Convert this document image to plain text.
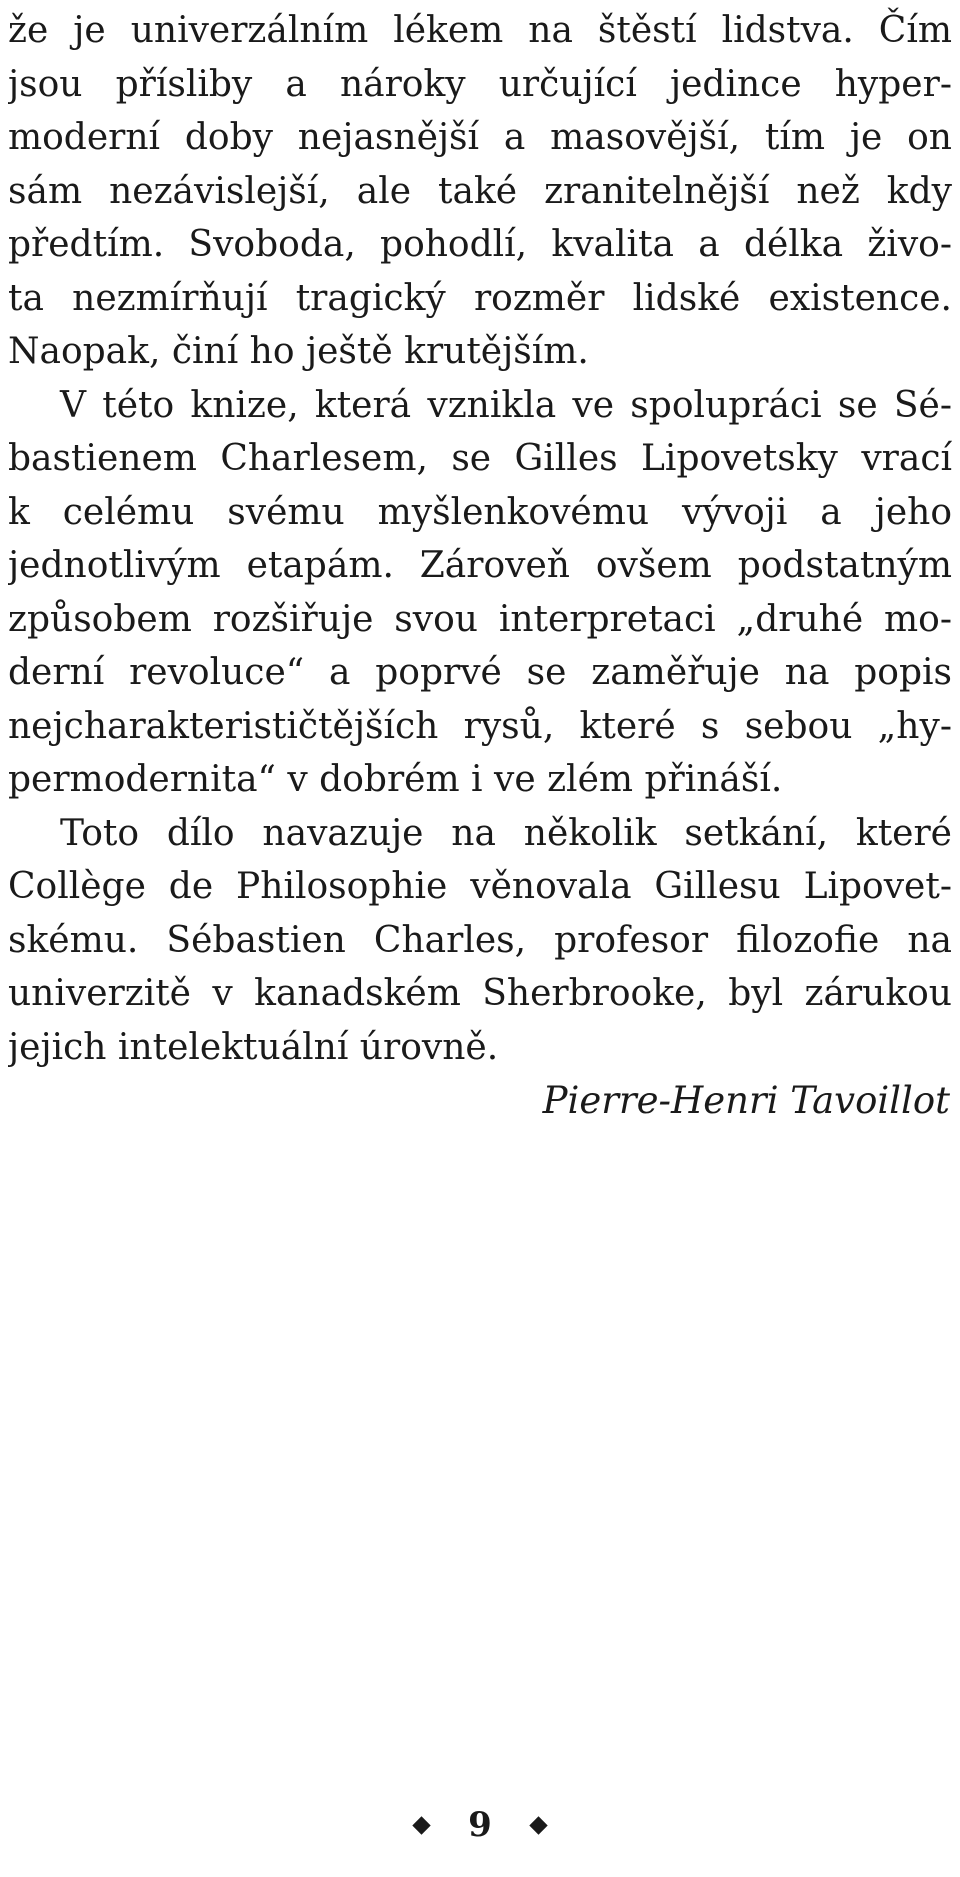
že je univerzálním lékem na štěstí lidstva. Čím
jsou přísliby a nároky určující jedince hyper-
moderní doby nejasnější a masovější, tím je on
sám nezávislejší, ale také zranitelnější než kdy
předtím. Svoboda, pohodlí, kvalita a délka živo-
ta nezmírňují tragický rozměr lidské existence.
Naopak, činí ho ještě krutějším.
V této knize, která vznikla ve spolupráci se Sé-
bastienem Charlesem, se Gilles Lipovetsky vrací
k celému svému myšlenkovému vývoji a jeho
jednotlivým etapám. Zároveň ovšem podstatným
způsobem rozšiřuje svou interpretaci „druhé mo-
derní revoluce“ a poprvé se zaměřuje na popis
nejcharakterističtějších rysů, které s sebou „hy-
permodernita“ v dobrém i ve zlém přináší.
Toto dílo navazuje na několik setkání, které
Collège de Philosophie věnovala Gillesu Lipovet-
skému. Sébastien Charles, profesor filozofie na
univerzitě v kanadském Sherbrooke, byl zárukou
jejich intelektuální úrovně.
Pierre-Henri Tavoillot
9
